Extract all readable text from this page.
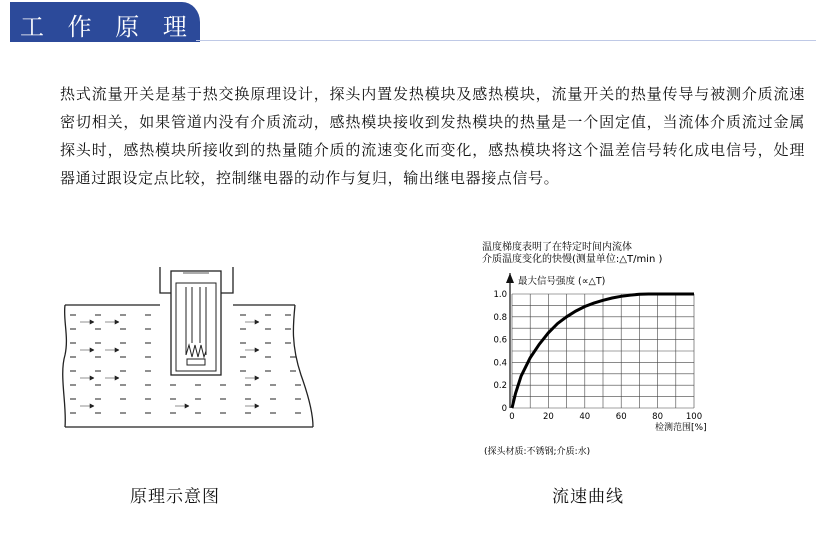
工 作 原 理
热式流量开关是基于热交换原理设计，探头内置发热模块及感热模块，流量开关的热量传导与被测介质流速密切相关，如果管道内没有介质流动，感热模块接收到发热模块的热量是一个固定值，当流体介质流过金属探头时，感热模块所接收到的热量随介质的流速变化而变化，感热模块将这个温差信号转化成电信号，处理器通过跟设定点比较，控制继电器的动作与复归，输出继电器接点信号。
原理示意图
温度梯度表明了在特定时间内流体
介质温度变化的快慢(测量单位:△T/min )
最大信号强度 (∝△T)
0
0.2
0.4
0.6
0.8
1.0
0	20	40	60	80	100
检测范围[%]
(探头材质:不锈钢;介质:水)
流速曲线
